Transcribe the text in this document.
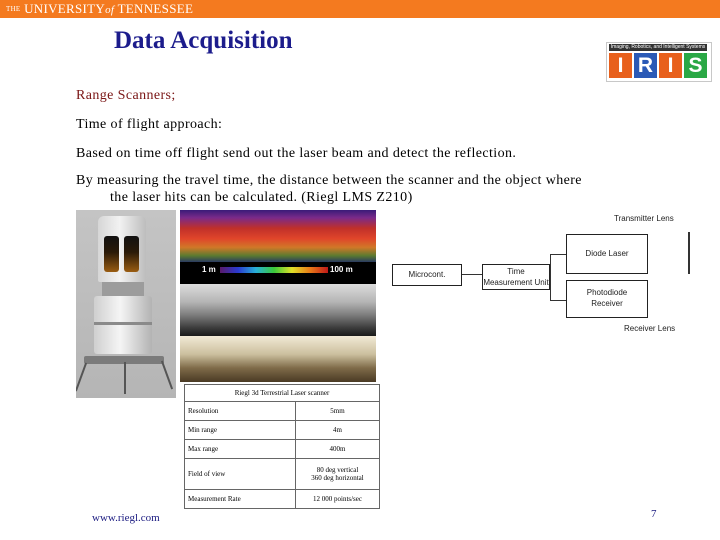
THE UNIVERSITYof TENNESSEE
Data Acquisition	Imaging, Robotics, and Intelligent Systems
I R I S
Range Scanners;
Time of flight approach:
Based on time off flight send out the laser beam and detect the reflection.
By measuring the travel time, the distance between the scanner and the object where
the laser hits can be calculated. (Riegl LMS Z210)
1 m	100 m
Transmitter Lens
Diode Laser
Microcont.	Time
Measurement Unit
Photodiode
Receiver
Receiver Lens
Riegl 3d Terrestrial Laser scanner	
Resolution	5mm
Min range	4m
Max range	400m
Field of view	80 deg vertical
360 deg horizontal

Measurement Rate	12 000 points/sec
www.riegl.com	7
